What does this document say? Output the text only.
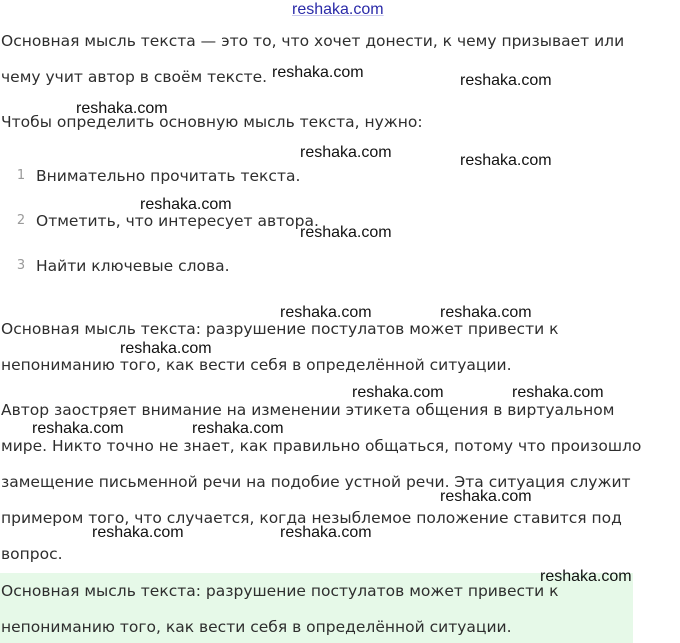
reshaka.com
Основная мысль текста — это то, что хочет донести, к чему призывает или
чему учит автор в своём тексте.
Чтобы определить основную мысль текста, нужно:
1 Внимательно прочитать текста.
2 Отметить, что интересует автора.
3 Найти ключевые слова.
Основная мысль текста: разрушение постулатов может привести к
непониманию того, как вести себя в определённой ситуации.
Автор заостряет внимание на изменении этикета общения в виртуальном
мире. Никто точно не знает, как правильно общаться, потому что произошло
замещение письменной речи на подобие устной речи. Эта ситуация служит
примером того, что случается, когда незыблемое положение ставится под
вопрос.
Основная мысль текста: разрушение постулатов может привести к
непониманию того, как вести себя в определённой ситуации.
reshaka.com	reshaka.com
reshaka.com
reshaka.com	reshaka.com
reshaka.com
reshaka.com
reshaka.com	reshaka.com
reshaka.com
reshaka.com	reshaka.com
reshaka.com	reshaka.com
reshaka.com
reshaka.com	reshaka.com
reshaka.com
